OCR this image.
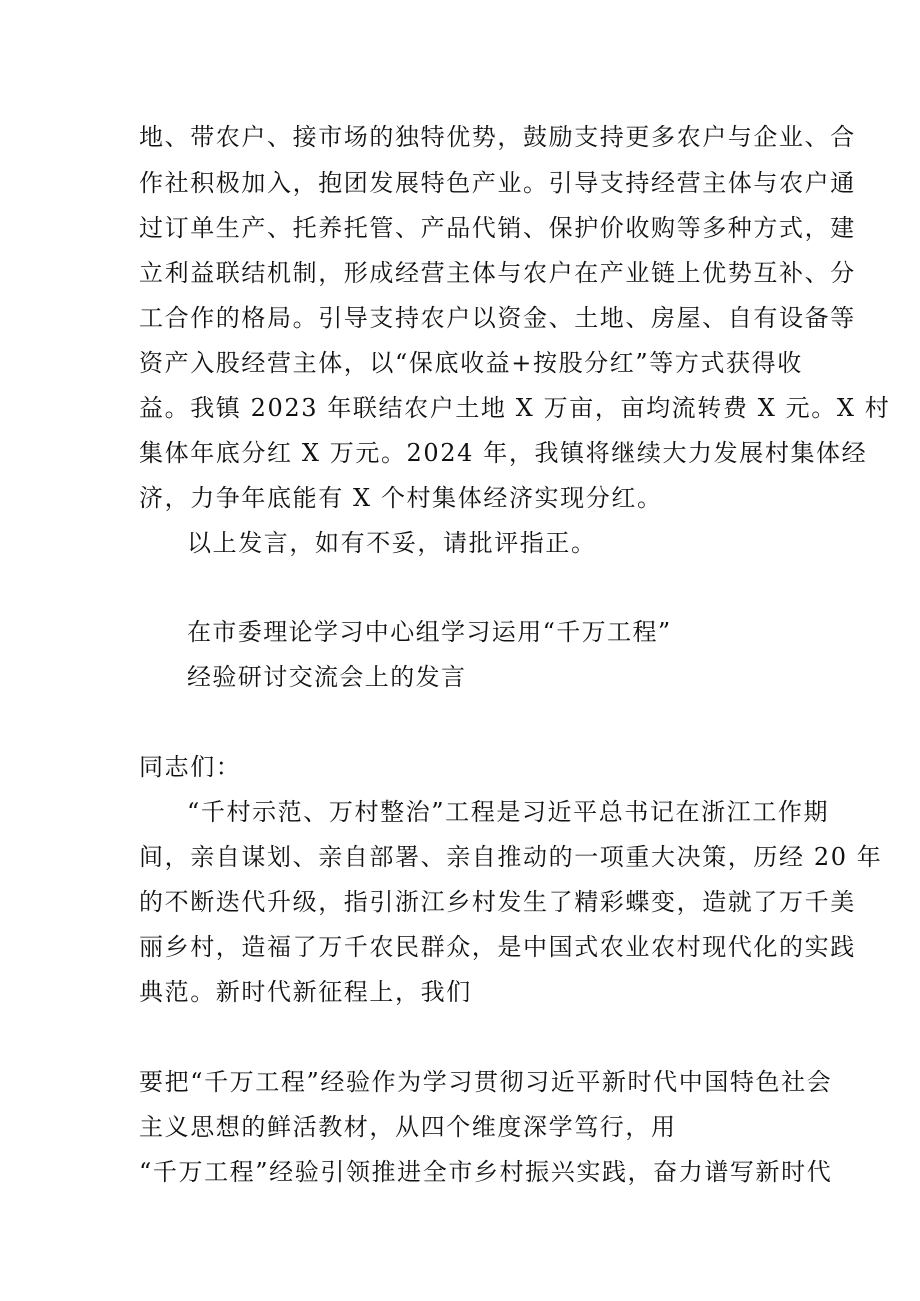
地、带农户、接市场的独特优势，鼓励支持更多农户与企业、合
作社积极加入，抱团发展特色产业。引导支持经营主体与农户通
过订单生产、托养托管、产品代销、保护价收购等多种方式，建
立利益联结机制，形成经营主体与农户在产业链上优势互补、分
工合作的格局。引导支持农户以资金、土地、房屋、自有设备等
资产入股经营主体，以“保底收益+按股分红”等方式获得收
益。我镇 2023 年联结农户土地 X 万亩，亩均流转费 X 元。X 村
集体年底分红 X 万元。2024 年，我镇将继续大力发展村集体经
济，力争年底能有 X 个村集体经济实现分红。
以上发言，如有不妥，请批评指正。
在市委理论学习中心组学习运用“千万工程”
经验研讨交流会上的发言
同志们：
“千村示范、万村整治”工程是习近平总书记在浙江工作期
间，亲自谋划、亲自部署、亲自推动的一项重大决策，历经 20 年
的不断迭代升级，指引浙江乡村发生了精彩蝶变，造就了万千美
丽乡村，造福了万千农民群众，是中国式农业农村现代化的实践
典范。新时代新征程上，我们
要把“千万工程”经验作为学习贯彻习近平新时代中国特色社会
主义思想的鲜活教材，从四个维度深学笃行，用
“千万工程”经验引领推进全市乡村振兴实践，奋力谱写新时代
